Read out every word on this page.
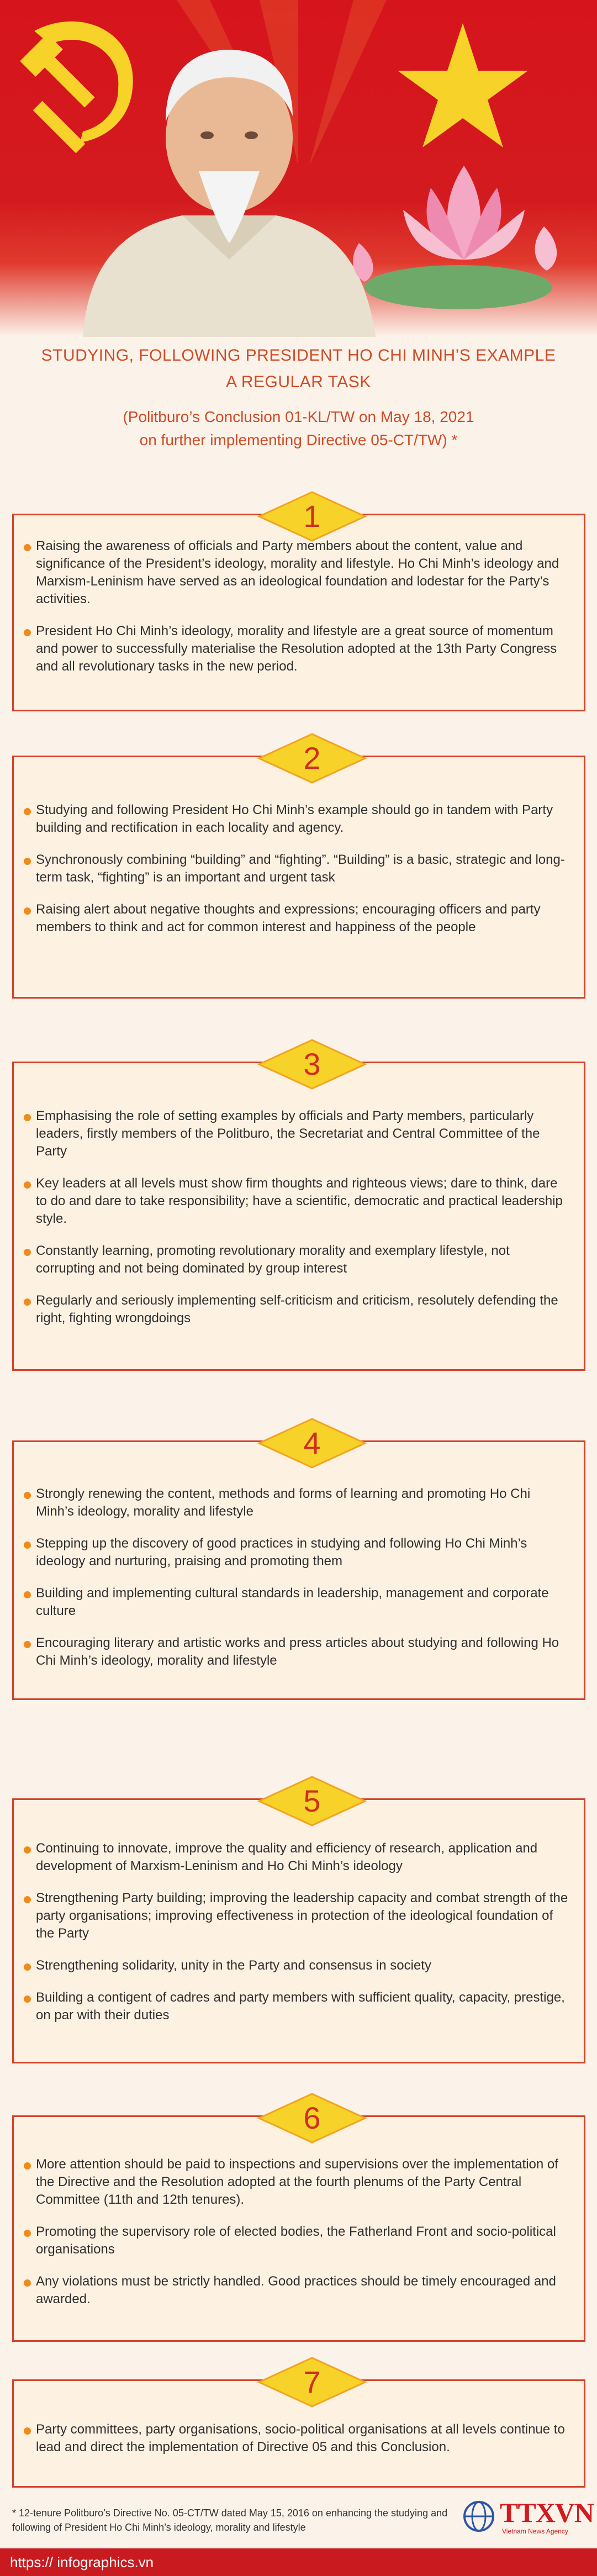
STUDYING, FOLLOWING PRESIDENT HO CHI MINH’S EXAMPLE
A REGULAR TASK
(Politburo’s Conclusion 01-KL/TW on May 18, 2021
on further implementing Directive 05-CT/TW) *
1
Raising the awareness of officials and Party members about the content, value and significance of the President’s ideology, morality and lifestyle. Ho Chi Minh’s ideology and Marxism-Leninism have served as an ideological foundation and lodestar for the Party’s activities.
President Ho Chi Minh’s ideology, morality and lifestyle are a great source of momentum and power to successfully materialise the Resolution adopted at the 13th Party Congress and all revolutionary tasks in the new period.
2
Studying and following President Ho Chi Minh’s example should go in tandem with Party building and rectification in each locality and agency.
Synchronously combining “building” and “fighting”. “Building” is a basic, strategic and long-term task, “fighting” is an important and urgent task
Raising alert about negative thoughts and expressions; encouraging officers and party members to think and act for common interest and happiness of the people
3
Emphasising the role of setting examples by officials and Party members, particularly leaders, firstly members of the Politburo, the Secretariat and Central Committee of the Party
Key leaders at all levels must show firm thoughts and righteous views; dare to think, dare to do and dare to take responsibility; have a scientific, democratic and practical leadership style.
Constantly learning, promoting revolutionary morality and exemplary lifestyle, not corrupting and not being dominated by group interest
Regularly and seriously implementing self-criticism and criticism, resolutely defending the right, fighting wrongdoings
4
Strongly renewing the content, methods and forms of learning and promoting Ho Chi Minh’s ideology, morality and lifestyle
Stepping up the discovery of good practices in studying and following Ho Chi Minh’s ideology and nurturing, praising and promoting them
Building and implementing cultural standards in leadership, management and corporate culture
Encouraging literary and artistic works and press articles about studying and following Ho Chi Minh’s ideology, morality and lifestyle
5
Continuing to innovate, improve the quality and efficiency of research, application and development of Marxism-Leninism and Ho Chi Minh’s ideology
Strengthening Party building; improving the leadership capacity and combat strength of the party organisations; improving effectiveness in protection of the ideological foundation of the Party
Strengthening solidarity, unity in the Party and consensus in society
Building a contigent of cadres and party members with sufficient quality, capacity, prestige, on par with their duties
6
More attention should be paid to inspections and supervisions over the implementation of the Directive and the Resolution adopted at the fourth plenums of the Party Central Committee (11th and 12th tenures).
Promoting the supervisory role of elected bodies, the Fatherland Front and socio-political organisations
Any violations must be strictly handled. Good practices should be timely encouraged and awarded.
7
Party committees, party organisations, socio-political organisations at all levels continue to lead and direct the implementation of Directive 05 and this Conclusion.
* 12-tenure Politburo’s Directive No. 05-CT/TW dated May 15, 2016 on enhancing the studying and following of President Ho Chi Minh’s ideology, morality and lifestyle	TTXVN
Vietnam News Agency
https:// infographics.vn
